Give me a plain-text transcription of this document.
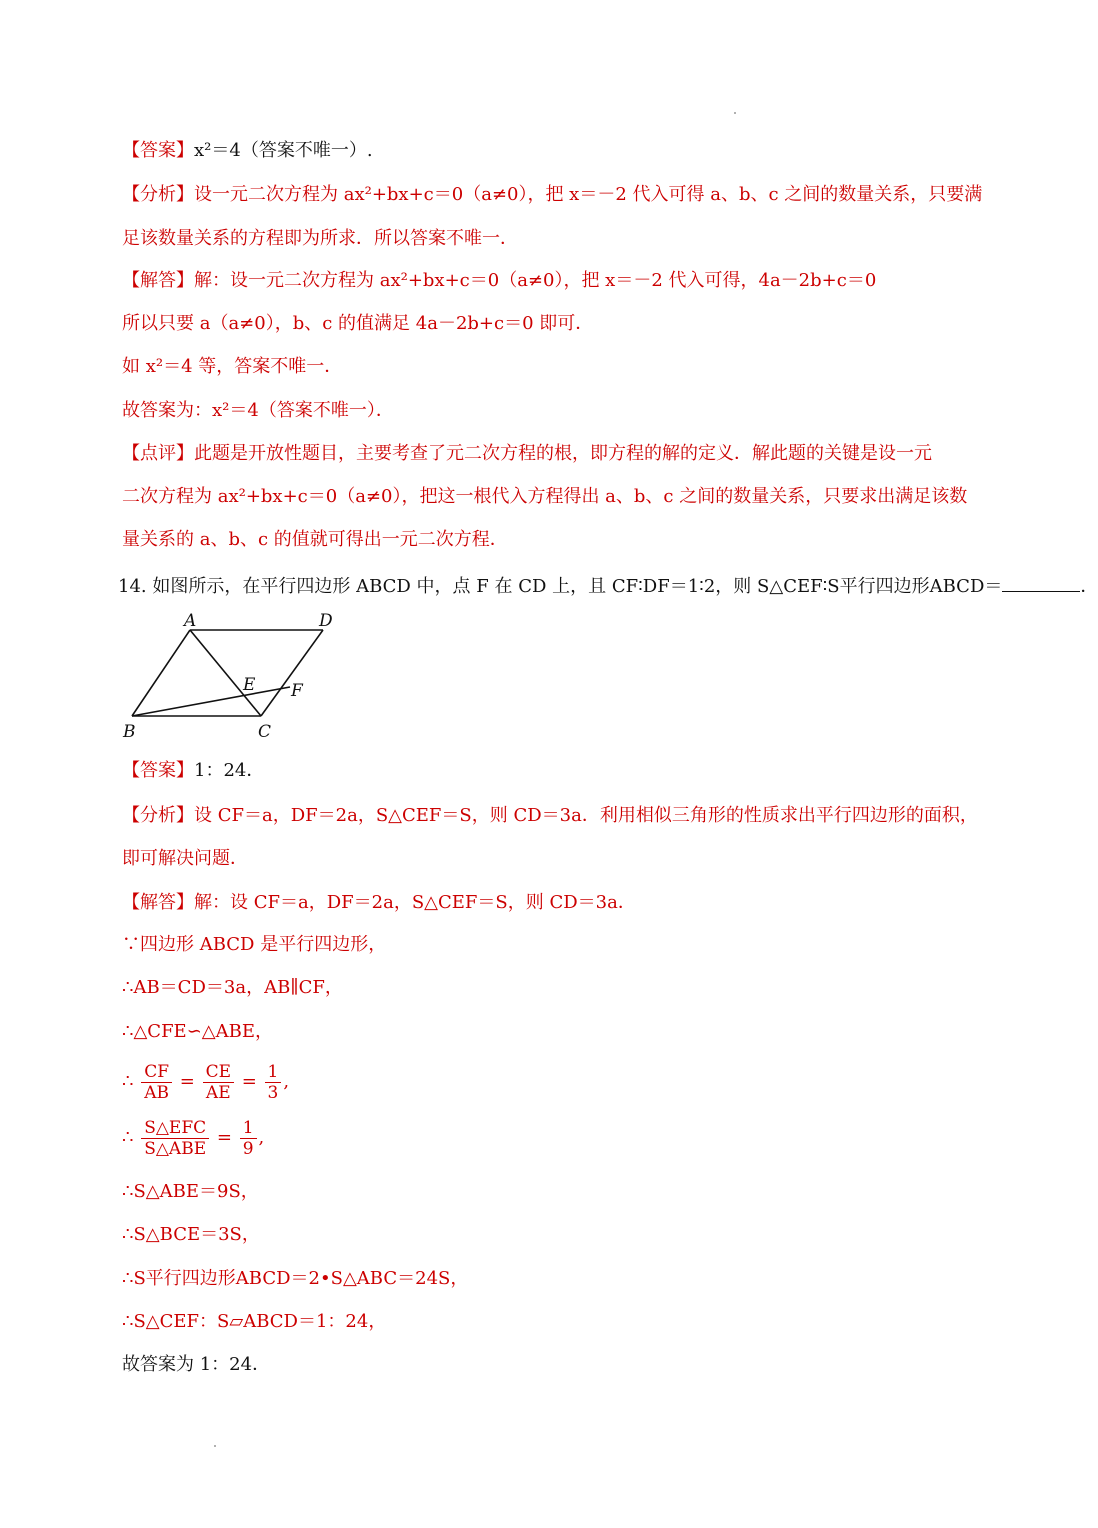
【答案】x²＝4（答案不唯一）.
【分析】设一元二次方程为 ax²+bx+c＝0（a≠0），把 x＝－2 代入可得 a、b、c 之间的数量关系，只要满
足该数量关系的方程即为所求．所以答案不唯一．
【解答】解：设一元二次方程为 ax²+bx+c＝0（a≠0），把 x＝－2 代入可得，4a－2b+c＝0
所以只要 a（a≠0），b、c 的值满足 4a－2b+c＝0 即可．
如 x²＝4 等，答案不唯一．
故答案为：x²＝4（答案不唯一）．
【点评】此题是开放性题目，主要考查了元二次方程的根，即方程的解的定义．解此题的关键是设一元
二次方程为 ax²+bx+c＝0（a≠0），把这一根代入方程得出 a、b、c 之间的数量关系，只要求出满足该数
量关系的 a、b、c 的值就可得出一元二次方程．
14. 如图所示，在平行四边形 ABCD 中，点 F 在 CD 上，且 CF∶DF＝1∶2，则 S△CEF∶S平行四边形ABCD＝	．
A	D
E F
B	C
【答案】1：24．
【分析】设 CF＝a，DF＝2a，S△CEF＝S，则 CD＝3a．利用相似三角形的性质求出平行四边形的面积，
即可解决问题．
【解答】解：设 CF＝a，DF＝2a，S△CEF＝S，则 CD＝3a．
∵四边形 ABCD 是平行四边形，
∴AB＝CD＝3a，AB∥CF，
∴△CFE∽△ABE，
∴ $\frac{CF}{AB} = \frac{CE}{AE} = \frac{1}{3}$ ,
∴ $\frac{\text{S△EFC}}{\text{S△ABE}} = \frac{1}{9}$ ,
∴S△ABE＝9S，
∴S△BCE＝3S，
∴S平行四边形ABCD＝2•S△ABC＝24S，
∴S△CEF：S▱ABCD＝1：24，
故答案为 1：24．
